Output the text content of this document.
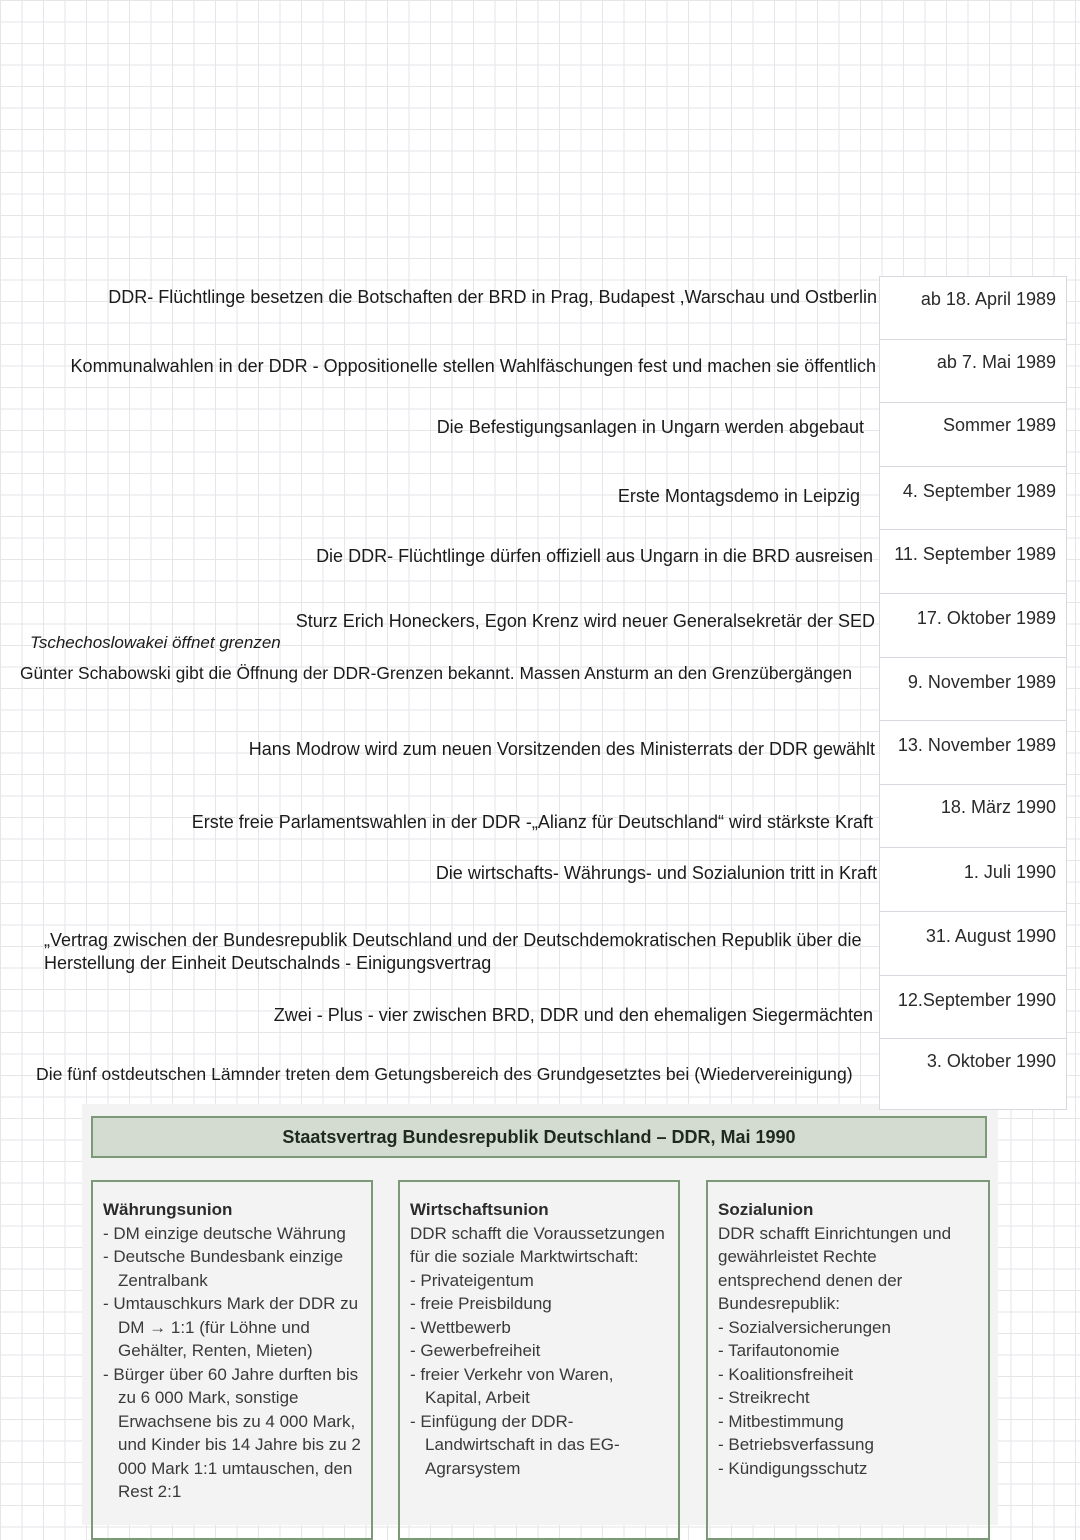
DDR- Flüchtlinge besetzen die Botschaften der BRD in Prag, Budapest ,Warschau und Ostberlin
Kommunalwahlen in der DDR - Oppositionelle stellen Wahlfäschungen fest und machen sie öffentlich
Die Befestigungsanlagen in Ungarn werden abgebaut
Erste Montagsdemo in Leipzig
Die DDR- Flüchtlinge dürfen offiziell aus Ungarn in die BRD ausreisen
Sturz Erich Honeckers, Egon Krenz wird neuer Generalsekretär der SED
Tschechoslowakei öffnet grenzen
Günter Schabowski gibt die Öffnung der DDR-Grenzen bekannt. Massen Ansturm an den Grenzübergängen
Hans Modrow wird zum neuen Vorsitzenden des Ministerrats der DDR gewählt
Erste freie Parlamentswahlen in der DDR -„Alianz für Deutschland“ wird stärkste Kraft
Die wirtschafts- Währungs- und Sozialunion tritt in Kraft
„Vertrag zwischen der Bundesrepublik Deutschland und der Deutschdemokratischen Republik über die
Herstellung der Einheit Deutschalnds - Einigungsvertrag
Zwei - Plus - vier zwischen BRD, DDR und den ehemaligen Siegermächten
Die fünf ostdeutschen Lämnder treten dem Getungsbereich des Grundgesetztes bei (Wiedervereinigung)
Staatsvertrag Bundesrepublik Deutschland – DDR, Mai 1990
Währungsunion
- DM einzige deutsche Währung
- Deutsche Bundesbank einzige Zentralbank
- Umtauschkurs Mark der DDR zu DM → 1:1 (für Löhne und Gehälter, Renten, Mieten)
- Bürger über 60 Jahre durften bis zu 6 000 Mark, sonstige Erwachsene bis zu 4 000 Mark, und Kinder bis 14 Jahre bis zu 2 000 Mark 1:1 umtauschen, den Rest 2:1
Wirtschaftsunion

DDR schafft die Voraussetzungen für die soziale Marktwirtschaft:

- Privateigentum
- freie Preisbildung
- Wettbewerb
- Gewerbefreiheit
- freier Verkehr von Waren, Kapital, Arbeit
- Einfügung der DDR-Landwirtschaft in das EG-Agrarsystem
Sozialunion

DDR schafft Einrichtungen und gewährleistet Rechte entsprechend denen der Bundesrepublik:

- Sozialversicherungen
- Tarifautonomie
- Koalitionsfreiheit
- Streikrecht
- Mitbestimmung
- Betriebsverfassung
- Kündigungsschutz
ab 18. April 1989
ab 7. Mai 1989
Sommer 1989
4. September 1989
11. September 1989
17. Oktober 1989
9. November 1989
13. November 1989
18. März 1990
1. Juli 1990
31. August 1990
12.September 1990
3. Oktober 1990
